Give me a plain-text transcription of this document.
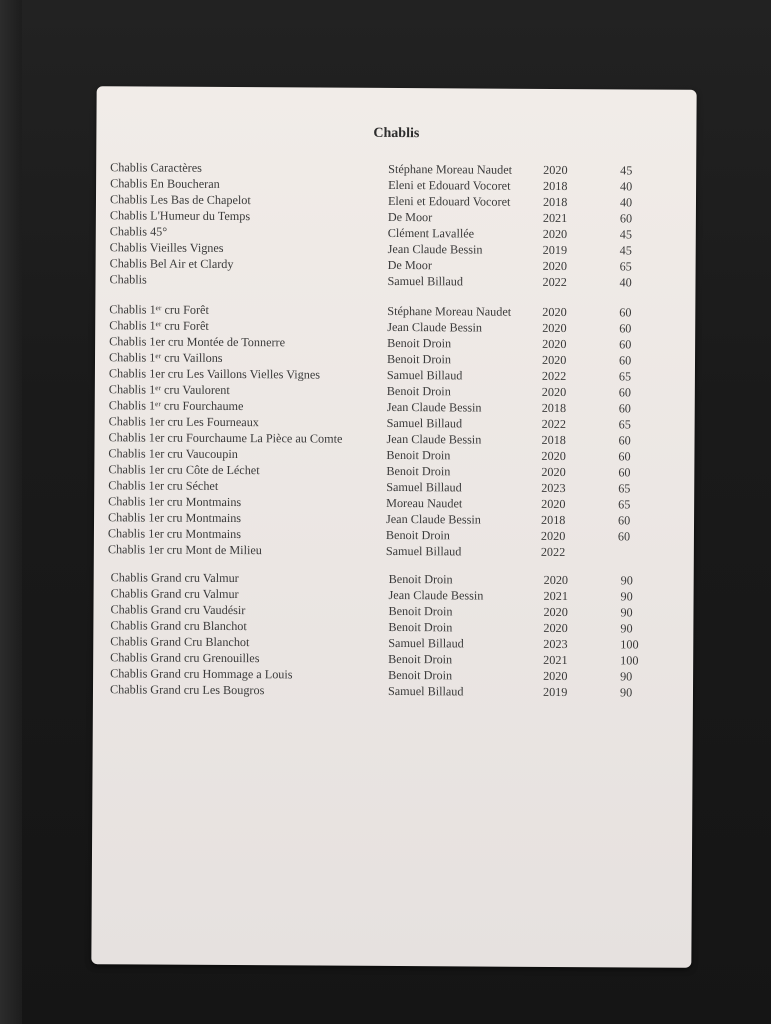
Chablis
Chablis Caractères	Stéphane Moreau Naudet	2020	45
Chablis En Boucheran	Eleni et Edouard Vocoret	2018	40
Chablis Les Bas de Chapelot	Eleni et Edouard Vocoret	2018	40
Chablis L'Humeur du Temps	De Moor	2021	60
Chablis 45°	Clément Lavallée	2020	45
Chablis Vieilles Vignes	Jean Claude Bessin	2019	45
Chablis Bel Air et Clardy	De Moor	2020	65
Chablis	Samuel Billaud	2022	40
Chablis 1ᵉʳ cru Forêt	Stéphane Moreau Naudet	2020	60
Chablis 1ᵉʳ cru Forêt	Jean Claude Bessin	2020	60
Chablis 1er cru Montée de Tonnerre	Benoit Droin	2020	60
Chablis 1ᵉʳ cru Vaillons	Benoit Droin	2020	60
Chablis 1er cru Les Vaillons Vielles Vignes	Samuel Billaud	2022	65
Chablis 1ᵉʳ cru Vaulorent	Benoit Droin	2020	60
Chablis 1ᵉʳ cru Fourchaume	Jean Claude Bessin	2018	60
Chablis 1er cru Les Fourneaux	Samuel Billaud	2022	65
Chablis 1er cru Fourchaume La Pièce au Comte	Jean Claude Bessin	2018	60
Chablis 1er cru Vaucoupin	Benoit Droin	2020	60
Chablis 1er cru Côte de Léchet	Benoit Droin	2020	60
Chablis 1er cru Séchet	Samuel Billaud	2023	65
Chablis 1er cru Montmains	Moreau Naudet	2020	65
Chablis 1er cru Montmains	Jean Claude Bessin	2018	60
Chablis 1er cru Montmains	Benoit Droin	2020	60
Chablis 1er cru Mont de Milieu	Samuel Billaud	2022
Chablis Grand cru Valmur	Benoit Droin	2020	90
Chablis Grand cru Valmur	Jean Claude Bessin	2021	90
Chablis Grand cru Vaudésir	Benoit Droin	2020	90
Chablis Grand cru Blanchot	Benoit Droin	2020	90
Chablis Grand Cru Blanchot	Samuel Billaud	2023	100
Chablis Grand cru Grenouilles	Benoit Droin	2021	100
Chablis Grand cru Hommage a Louis	Benoit Droin	2020	90
Chablis Grand cru Les Bougros	Samuel Billaud	2019	90
